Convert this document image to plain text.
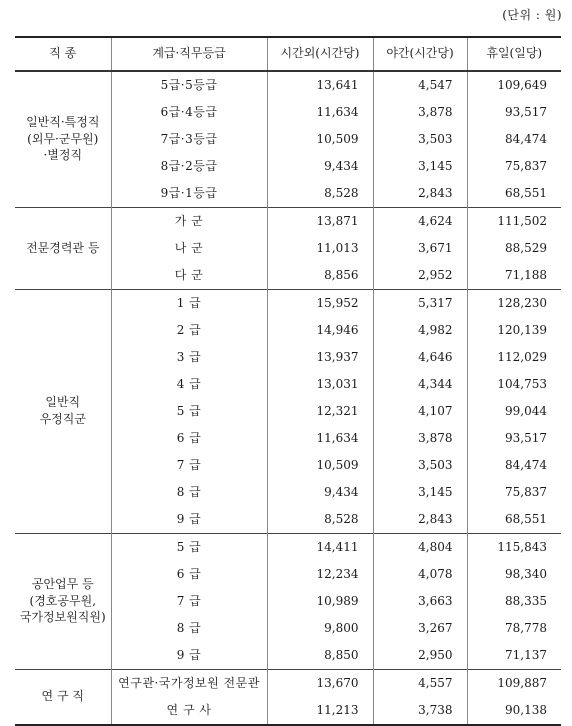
(단위 : 원)
직 종	계급·직무등급	시간외(시간당)	야간(시간당)	휴일(일당)

일반직·특정직
(외무·군무원)
·별정직	5급·5등급	13,641	4,547	109,649
	6급·4등급	11,634	3,878	93,517
	7급·3등급	10,509	3,503	84,474
	8급·2등급	9,434	3,145	75,837
	9급·1등급	8,528	2,843	68,551

전문경력관 등	가 군	13,871	4,624	111,502
	나 군	11,013	3,671	88,529
	다 군	8,856	2,952	71,188

일반직
우정직군	1 급	15,952	5,317	128,230
	2 급	14,946	4,982	120,139
	3 급	13,937	4,646	112,029
	4 급	13,031	4,344	104,753
	5 급	12,321	4,107	99,044
	6 급	11,634	3,878	93,517
	7 급	10,509	3,503	84,474
	8 급	9,434	3,145	75,837
	9 급	8,528	2,843	68,551

공안업무 등
(경호공무원,
국가정보원직원)	5 급	14,411	4,804	115,843
	6 급	12,234	4,078	98,340
	7 급	10,989	3,663	88,335
	8 급	9,800	3,267	78,778
	9 급	8,850	2,950	71,137

연 구 직	연구관·국가정보원 전문관	13,670	4,557	109,887
	연 구 사	11,213	3,738	90,138
